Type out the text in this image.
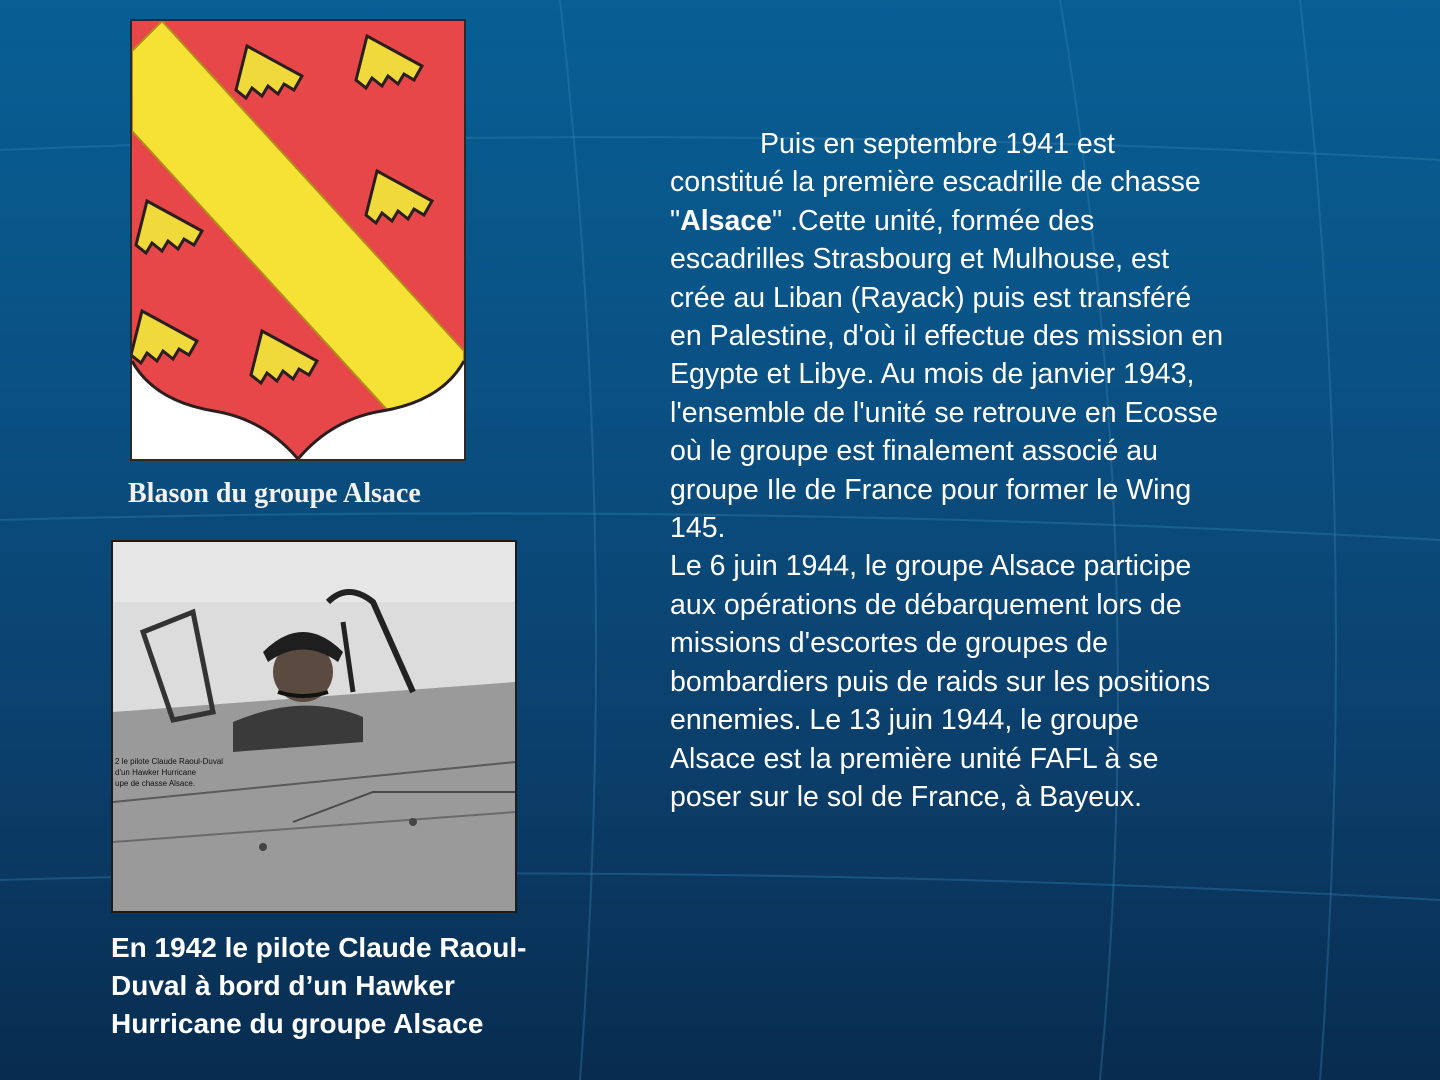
Blason du groupe Alsace
2 le pilote Claude Raoul-Duval
d'un Hawker Hurricane
upe de chasse Alsace.
En 1942 le pilote Claude Raoul-
Duval à bord d’un Hawker
Hurricane du groupe Alsace

Puis en septembre 1941 est constitué la première escadrille de chasse "Alsace" .Cette unité, formée des escadrilles Strasbourg et Mulhouse, est crée au Liban (Rayack) puis est transféré en Palestine, d'où il effectue des mission en Egypte et Libye. Au mois de janvier 1943, l'ensemble de l'unité se retrouve en Ecosse où le groupe est finalement associé au groupe Ile de France pour former le Wing 145.

Le 6 juin 1944, le groupe Alsace participe aux opérations de débarquement lors de missions d'escortes de groupes de bombardiers puis de raids sur les positions ennemies. Le 13 juin 1944, le groupe Alsace est la première unité FAFL à se poser sur le sol de France, à Bayeux.
